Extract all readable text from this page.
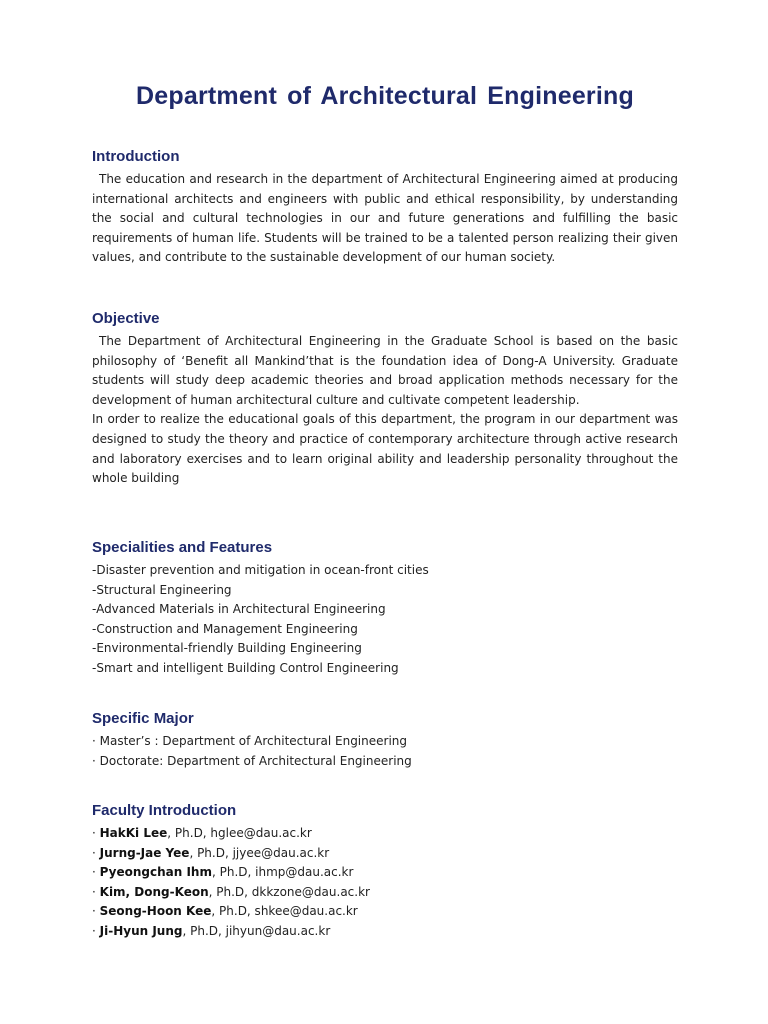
Department of Architectural Engineering
Introduction

The education and research in the department of Architectural Engineering aimed at producing international architects and engineers with public and ethical responsibility, by understanding the social and cultural technologies in our and future generations and fulfilling the basic requirements of human life. Students will be trained to be a talented person realizing their given values, and contribute to the sustainable development of our human society.

Objective

The Department of Architectural Engineering in the Graduate School is based on the basic philosophy of ‘Benefit all Mankind’that is the foundation idea of Dong-A University. Graduate students will study deep academic theories and broad application methods necessary for the development of human architectural culture and cultivate competent leadership.

In order to realize the educational goals of this department, the program in our department was designed to study the theory and practice of contemporary architecture through active research and laboratory exercises and to learn original ability and leadership personality throughout the whole building

Specialities and Features
-Disaster prevention and mitigation in ocean-front cities
-Structural Engineering
-Advanced Materials in Architectural Engineering
-Construction and Management Engineering
-Environmental-friendly Building Engineering
-Smart and intelligent Building Control Engineering
Specific Major
· Master’s : Department of Architectural Engineering
· Doctorate: Department of Architectural Engineering
Faculty Introduction
· HakKi Lee, Ph.D, hglee@dau.ac.kr
· Jurng-Jae Yee, Ph.D, jjyee@dau.ac.kr
· Pyeongchan Ihm, Ph.D, ihmp@dau.ac.kr
· Kim, Dong-Keon, Ph.D, dkkzone@dau.ac.kr
· Seong-Hoon Kee, Ph.D, shkee@dau.ac.kr
· Ji-Hyun Jung, Ph.D, jihyun@dau.ac.kr
